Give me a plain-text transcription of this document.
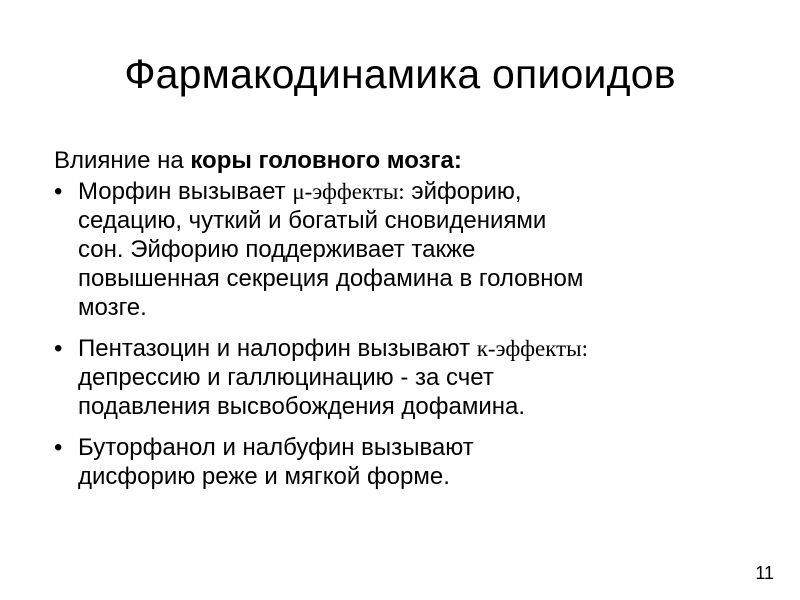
Фармакодинамика опиоидов
Влияние на коры головного мозга:
• Морфин вызывает μ-эффекты: эйфорию,
седацию, чуткий и богатый сновидениями
сон. Эйфорию поддерживает также
повышенная секреция дофамина в головном
мозге.
• Пентазоцин и налорфин вызывают к-эффекты:
депрессию и галлюцинацию - за счет
подавления высвобождения дофамина.
• Буторфанол и налбуфин вызывают
дисфорию реже и мягкой форме.
11
